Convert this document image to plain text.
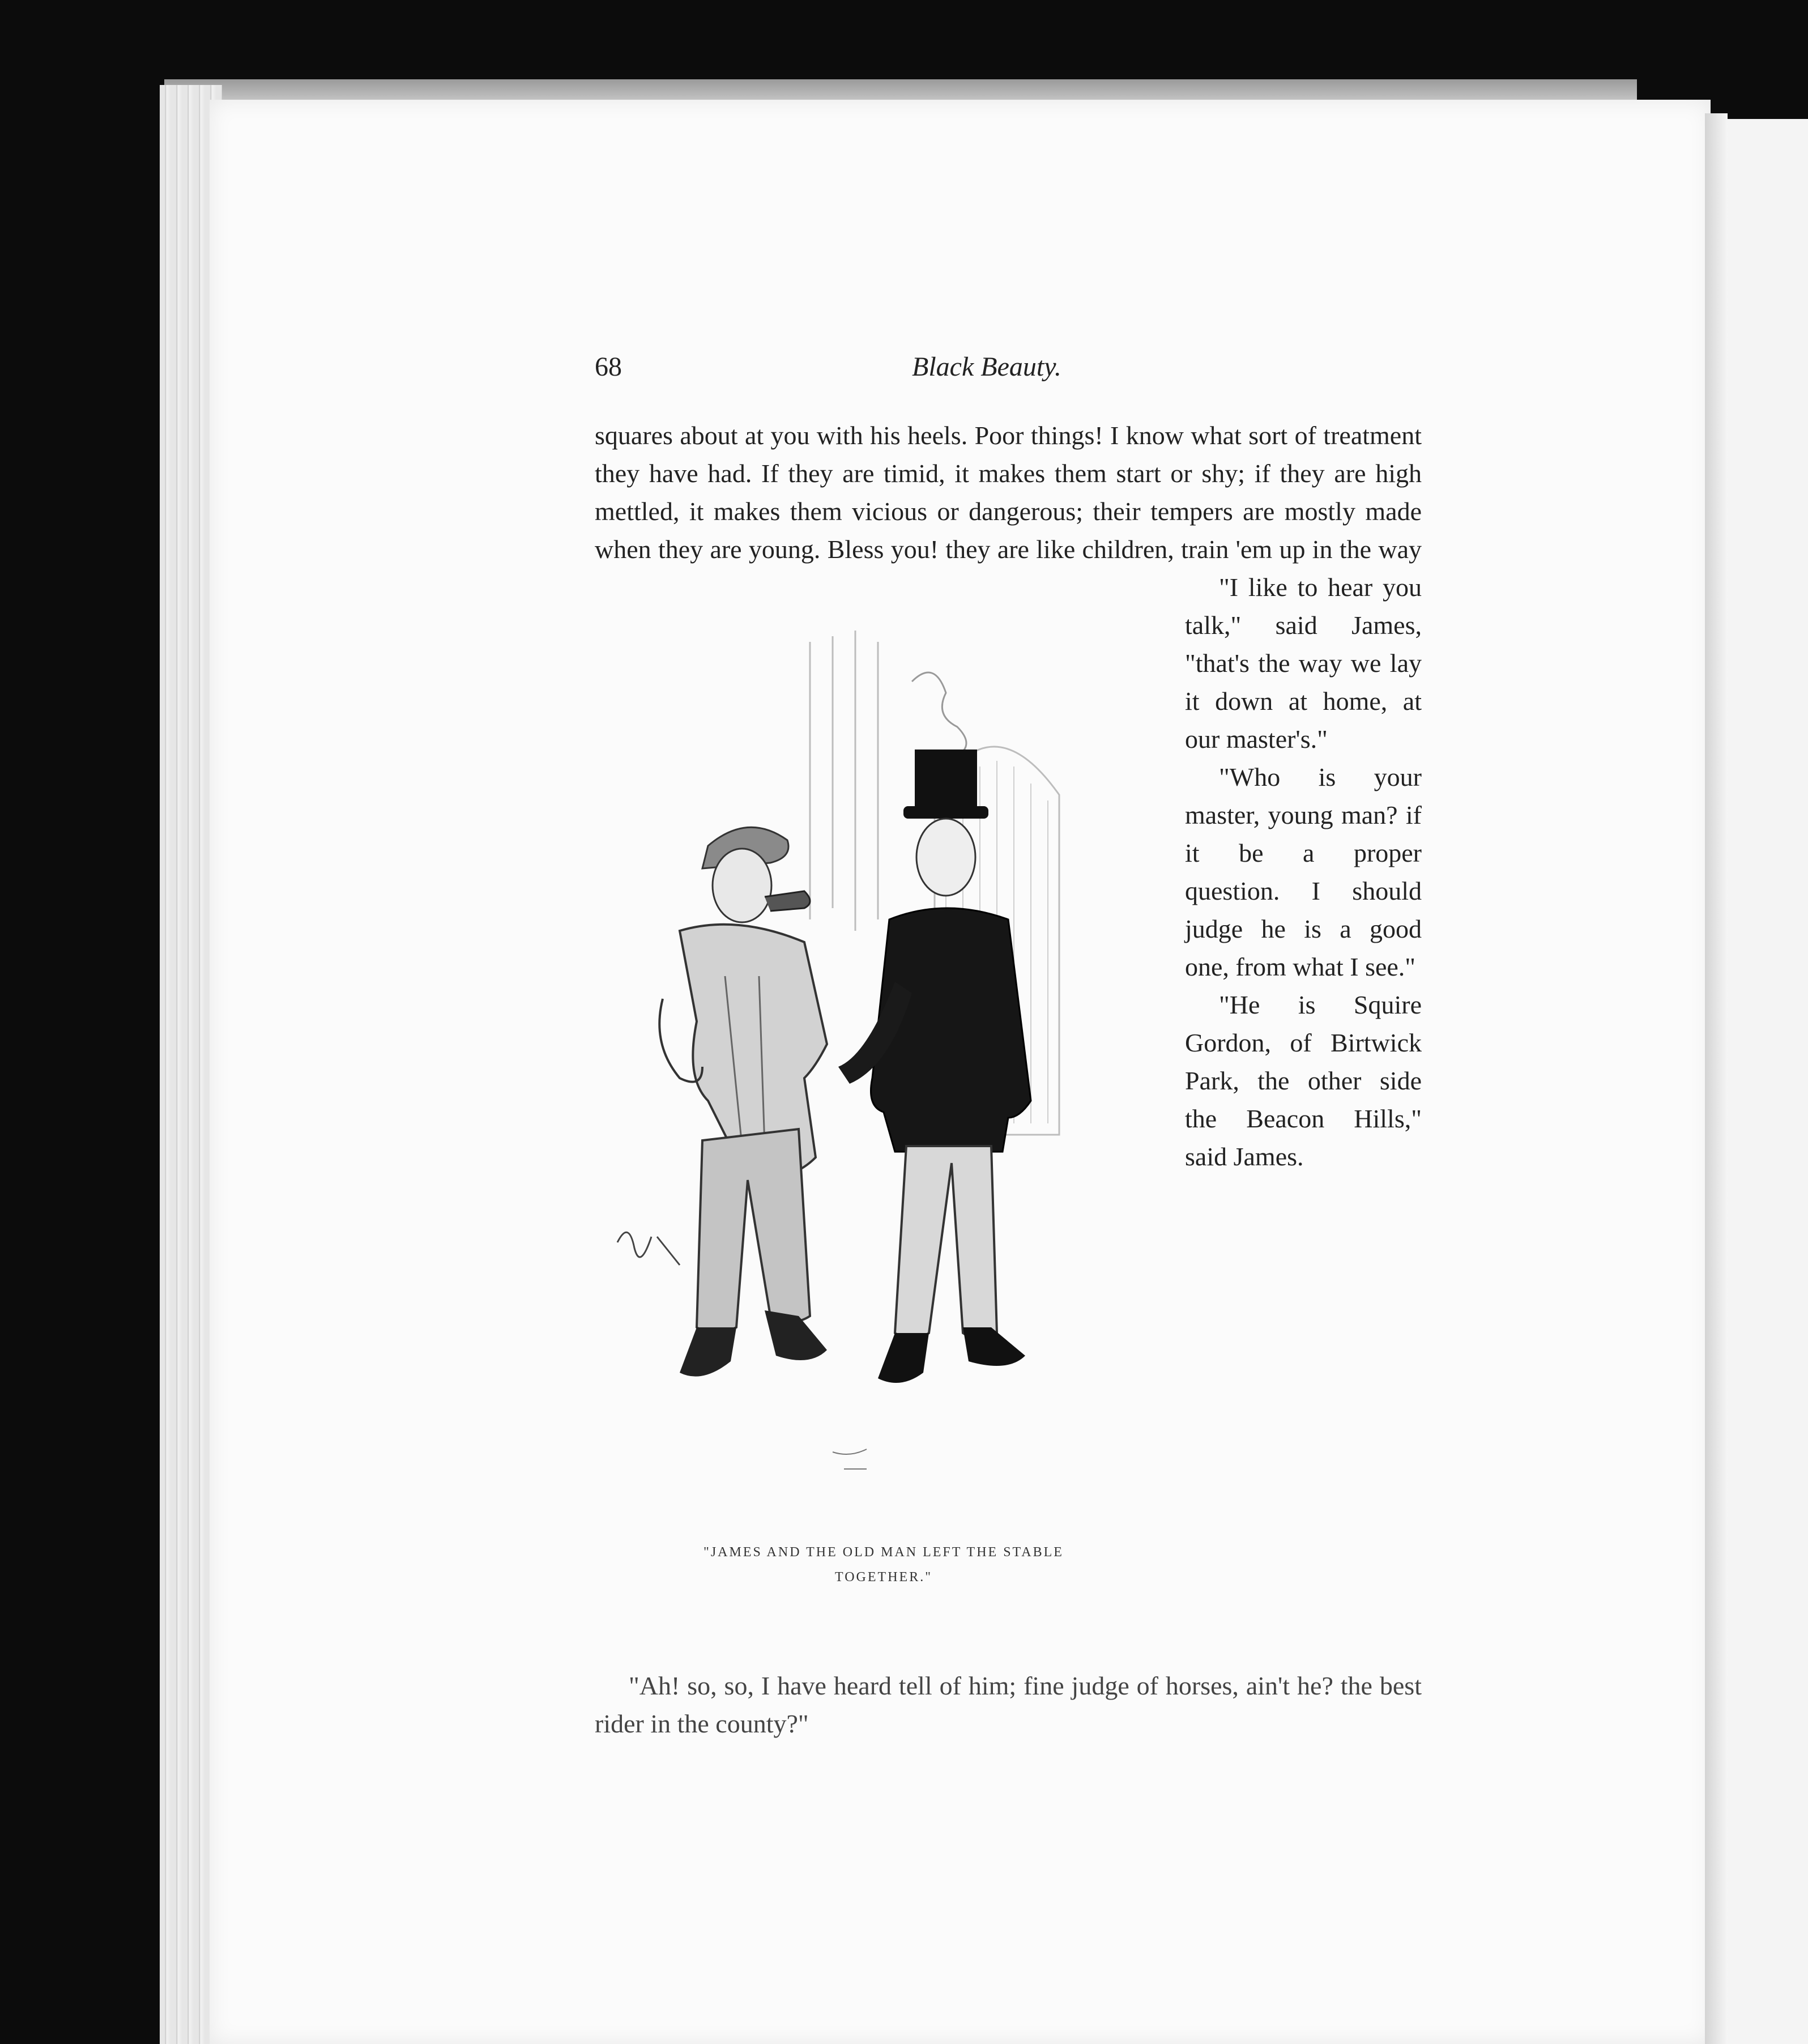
68	Black Beauty.

squares about at you with his heels. Poor things! I know what sort of treatment they have had. If they are timid, it makes them start or shy; if they are high mettled, it makes them vicious or dangerous; their tempers are mostly made when they are young. Bless you! they are like children, train 'em up in the way

"JAMES AND THE OLD MAN LEFT THE STABLE
TOGETHER."

"I like to hear you talk," said James, "that's the way we lay it down at home, at our master's."

"Who is your master, young man? if it be a proper question. I should judge he is a good one, from what I see."

"He is Squire Gordon, of Birtwick Park, the other side the Beacon Hills," said James.

"Ah! so, so, I have heard tell of him; fine judge of horses, ain't he? the best rider in the county?"
